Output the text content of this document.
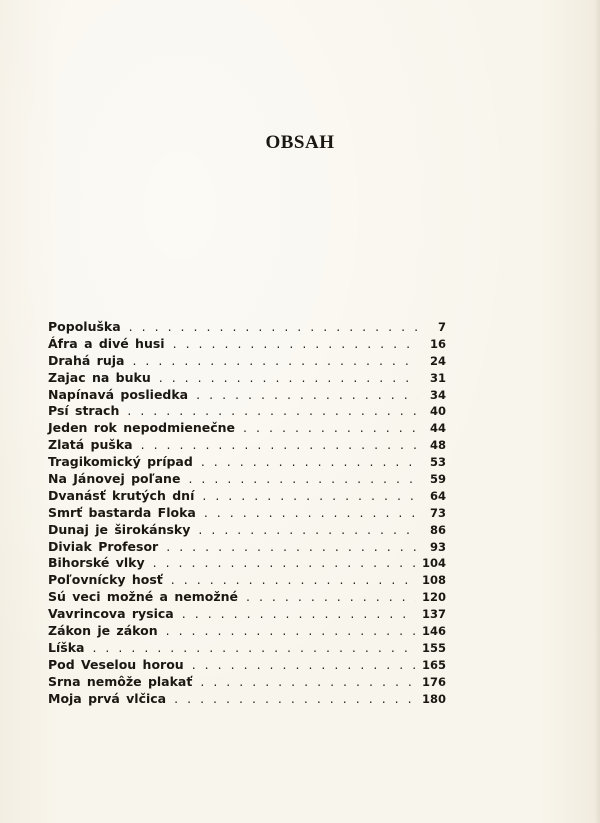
OBSAH
Popoluška .....	7
Áfra a divé husi .....	16
Drahá ruja .....	24
Zajac na buku .....	31
Napínavá posliedka .....	34
Psí strach .....	40
Jeden rok nepodmienečne .....	44
Zlatá puška .....	48
Tragikomický prípad .....	53
Na Jánovej poľane .....	59
Dvanásť krutých dní .....	64
Smrť bastarda Floka .....	73
Dunaj je širokánsky .....	86
Diviak Profesor .....	93
Bihorské vlky .....	104
Poľovnícky hosť .....	108
Sú veci možné a nemožné .....	120
Vavrincova rysica .....	137
Zákon je zákon .....	146
Líška .....	155
Pod Veselou horou .....	165
Srna nemôže plakať .....	176
Moja prvá vlčica .....	180
